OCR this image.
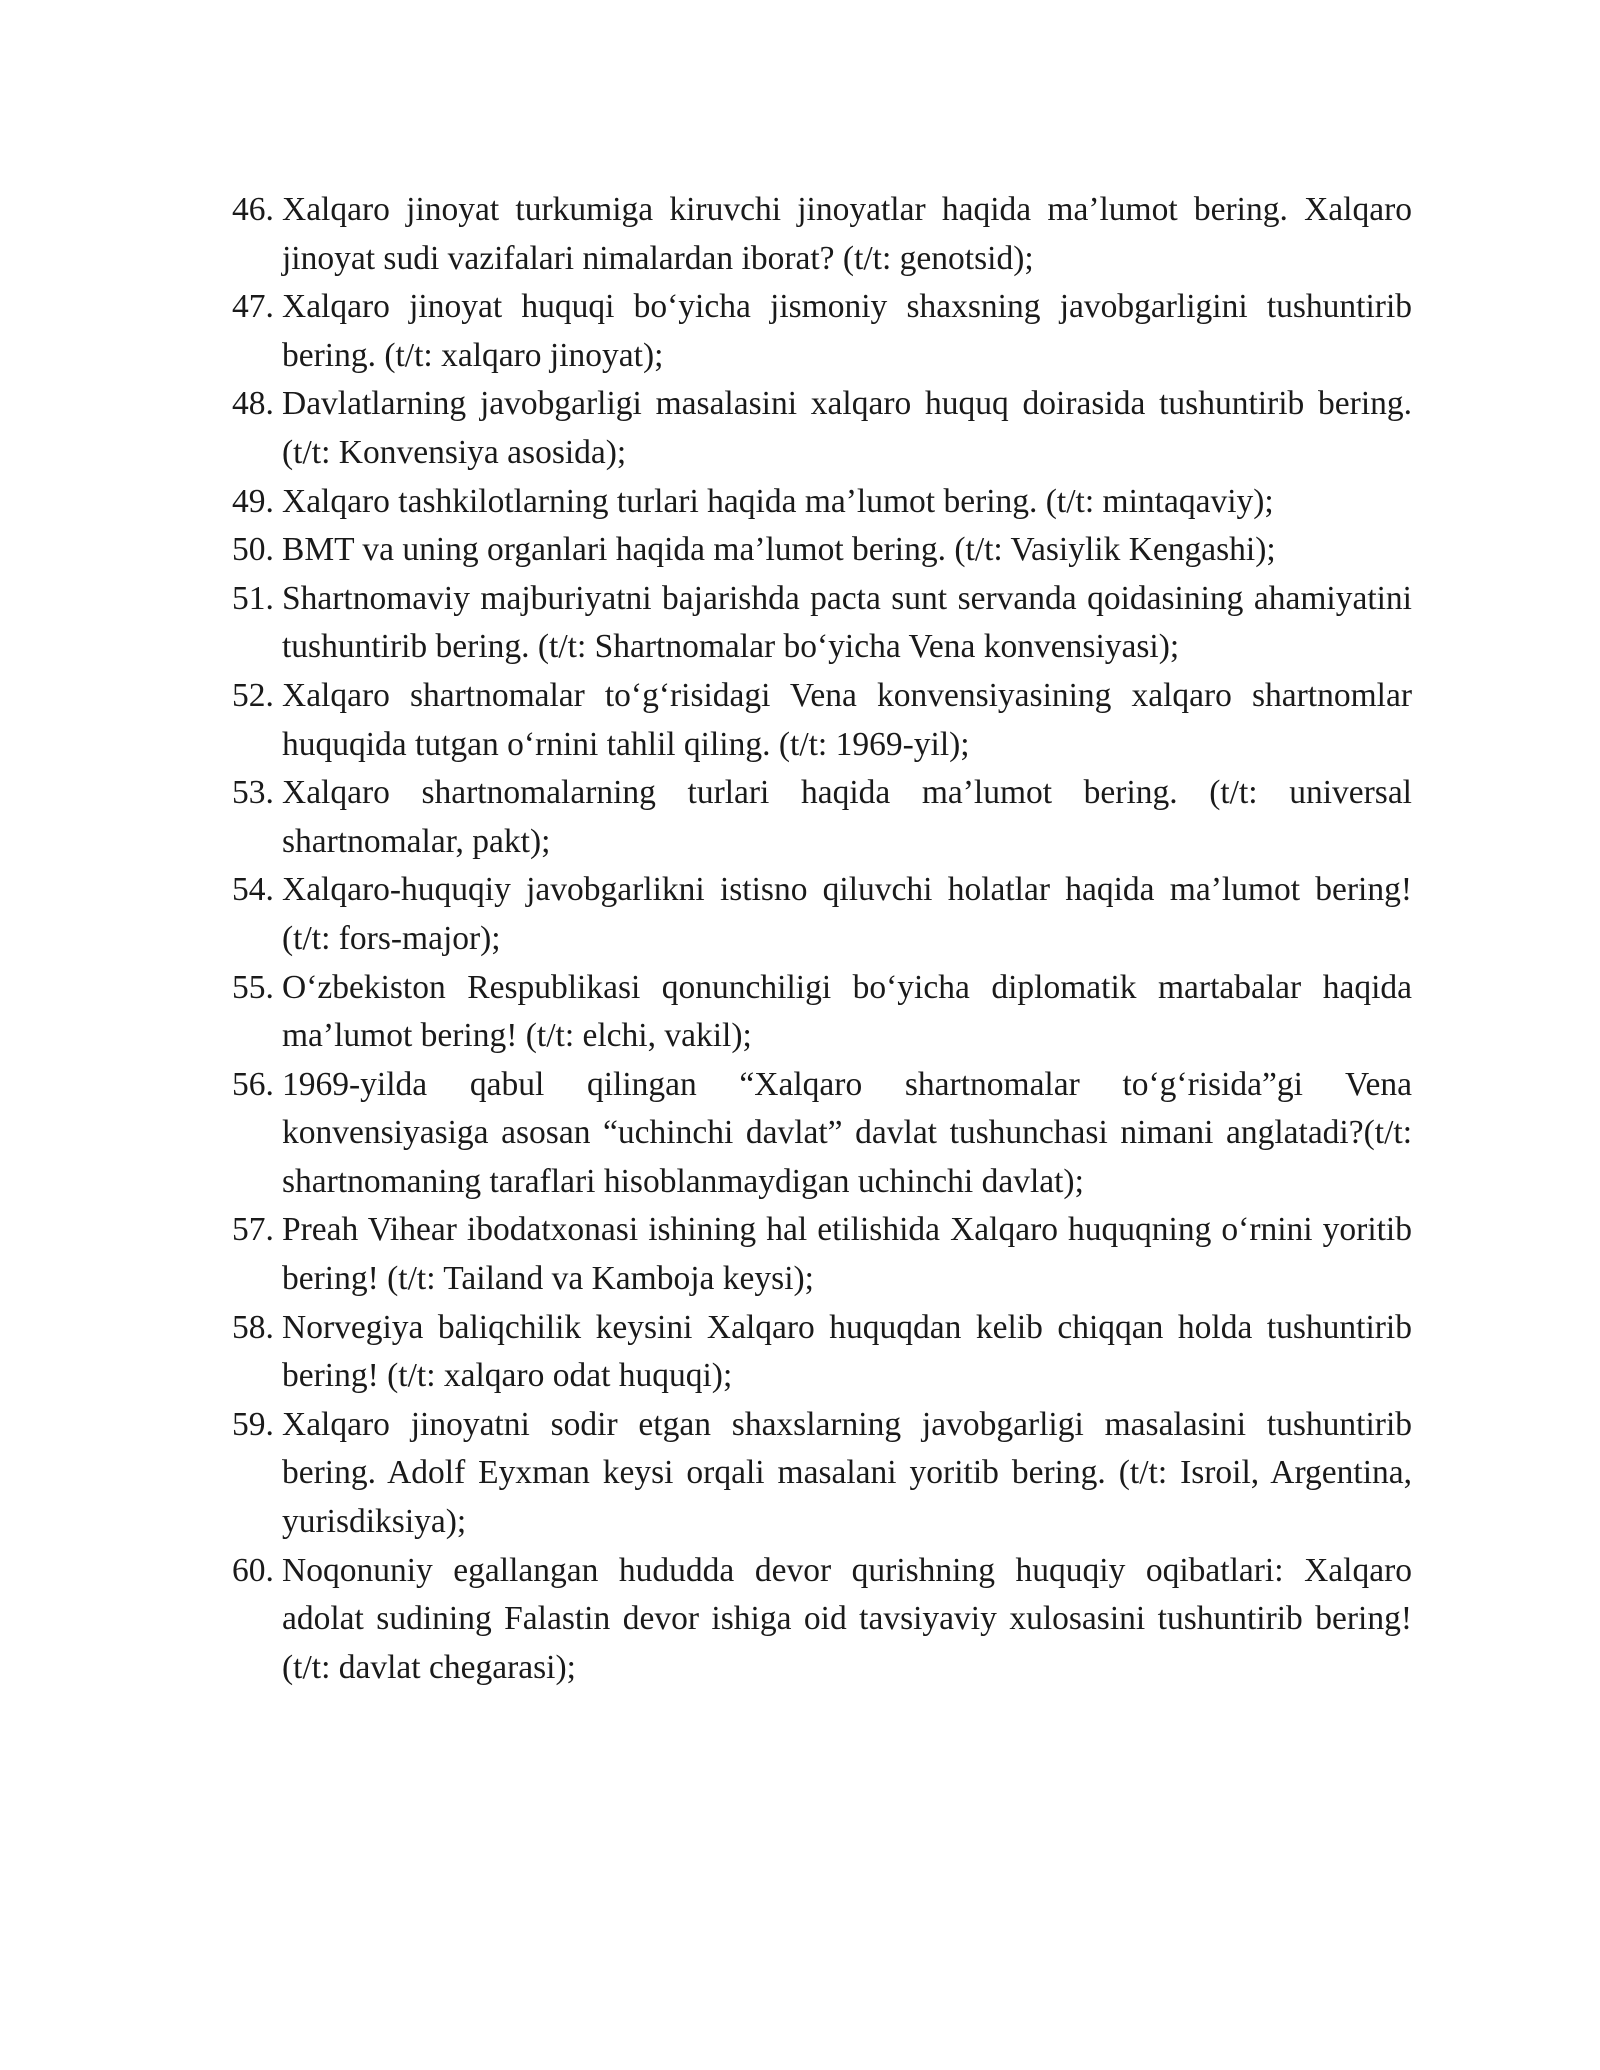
46. Xalqaro jinoyat turkumiga kiruvchi jinoyatlar haqida ma’lumot bering. Xalqaro jinoyat sudi vazifalari nimalardan iborat? (t/t: genotsid);
47. Xalqaro jinoyat huquqi bo‘yicha jismoniy shaxsning javobgarligini tushuntirib bering. (t/t: xalqaro jinoyat);
48. Davlatlarning javobgarligi masalasini xalqaro huquq doirasida tushuntirib bering. (t/t: Konvensiya asosida);
49. Xalqaro tashkilotlarning turlari haqida ma’lumot bering. (t/t: mintaqaviy);
50. BMT va uning organlari haqida ma’lumot bering. (t/t: Vasiylik Kengashi);
51. Shartnomaviy majburiyatni bajarishda pacta sunt servanda qoidasining ahamiyatini tushuntirib bering. (t/t: Shartnomalar bo‘yicha Vena konvensiyasi);
52. Xalqaro shartnomalar to‘g‘risidagi Vena konvensiyasining xalqaro shartnomlar huquqida tutgan o‘rnini tahlil qiling. (t/t: 1969-yil);
53. Xalqaro shartnomalarning turlari haqida ma’lumot bering. (t/t: universal shartnomalar, pakt);
54. Xalqaro-huquqiy javobgarlikni istisno qiluvchi holatlar haqida ma’lumot bering! (t/t: fors-major);
55. O‘zbekiston Respublikasi qonunchiligi bo‘yicha diplomatik martabalar haqida ma’lumot bering! (t/t: elchi, vakil);
56. 1969-yilda qabul qilingan “Xalqaro shartnomalar to‘g‘risida”gi Vena konvensiyasiga asosan “uchinchi davlat” davlat tushunchasi nimani anglatadi?(t/t: shartnomaning taraflari hisoblanmaydigan uchinchi davlat);
57. Preah Vihear ibodatxonasi ishining hal etilishida Xalqaro huquqning o‘rnini yoritib bering! (t/t: Tailand va Kamboja keysi);
58. Norvegiya baliqchilik keysini Xalqaro huquqdan kelib chiqqan holda tushuntirib bering! (t/t: xalqaro odat huquqi);
59. Xalqaro jinoyatni sodir etgan shaxslarning javobgarligi masalasini tushuntirib bering. Adolf Eyxman keysi orqali masalani yoritib bering. (t/t: Isroil, Argentina, yurisdiksiya);
60. Noqonuniy egallangan hududda devor qurishning huquqiy oqibatlari: Xalqaro adolat sudining Falastin devor ishiga oid tavsiyaviy xulosasini tushuntirib bering! (t/t: davlat chegarasi);
